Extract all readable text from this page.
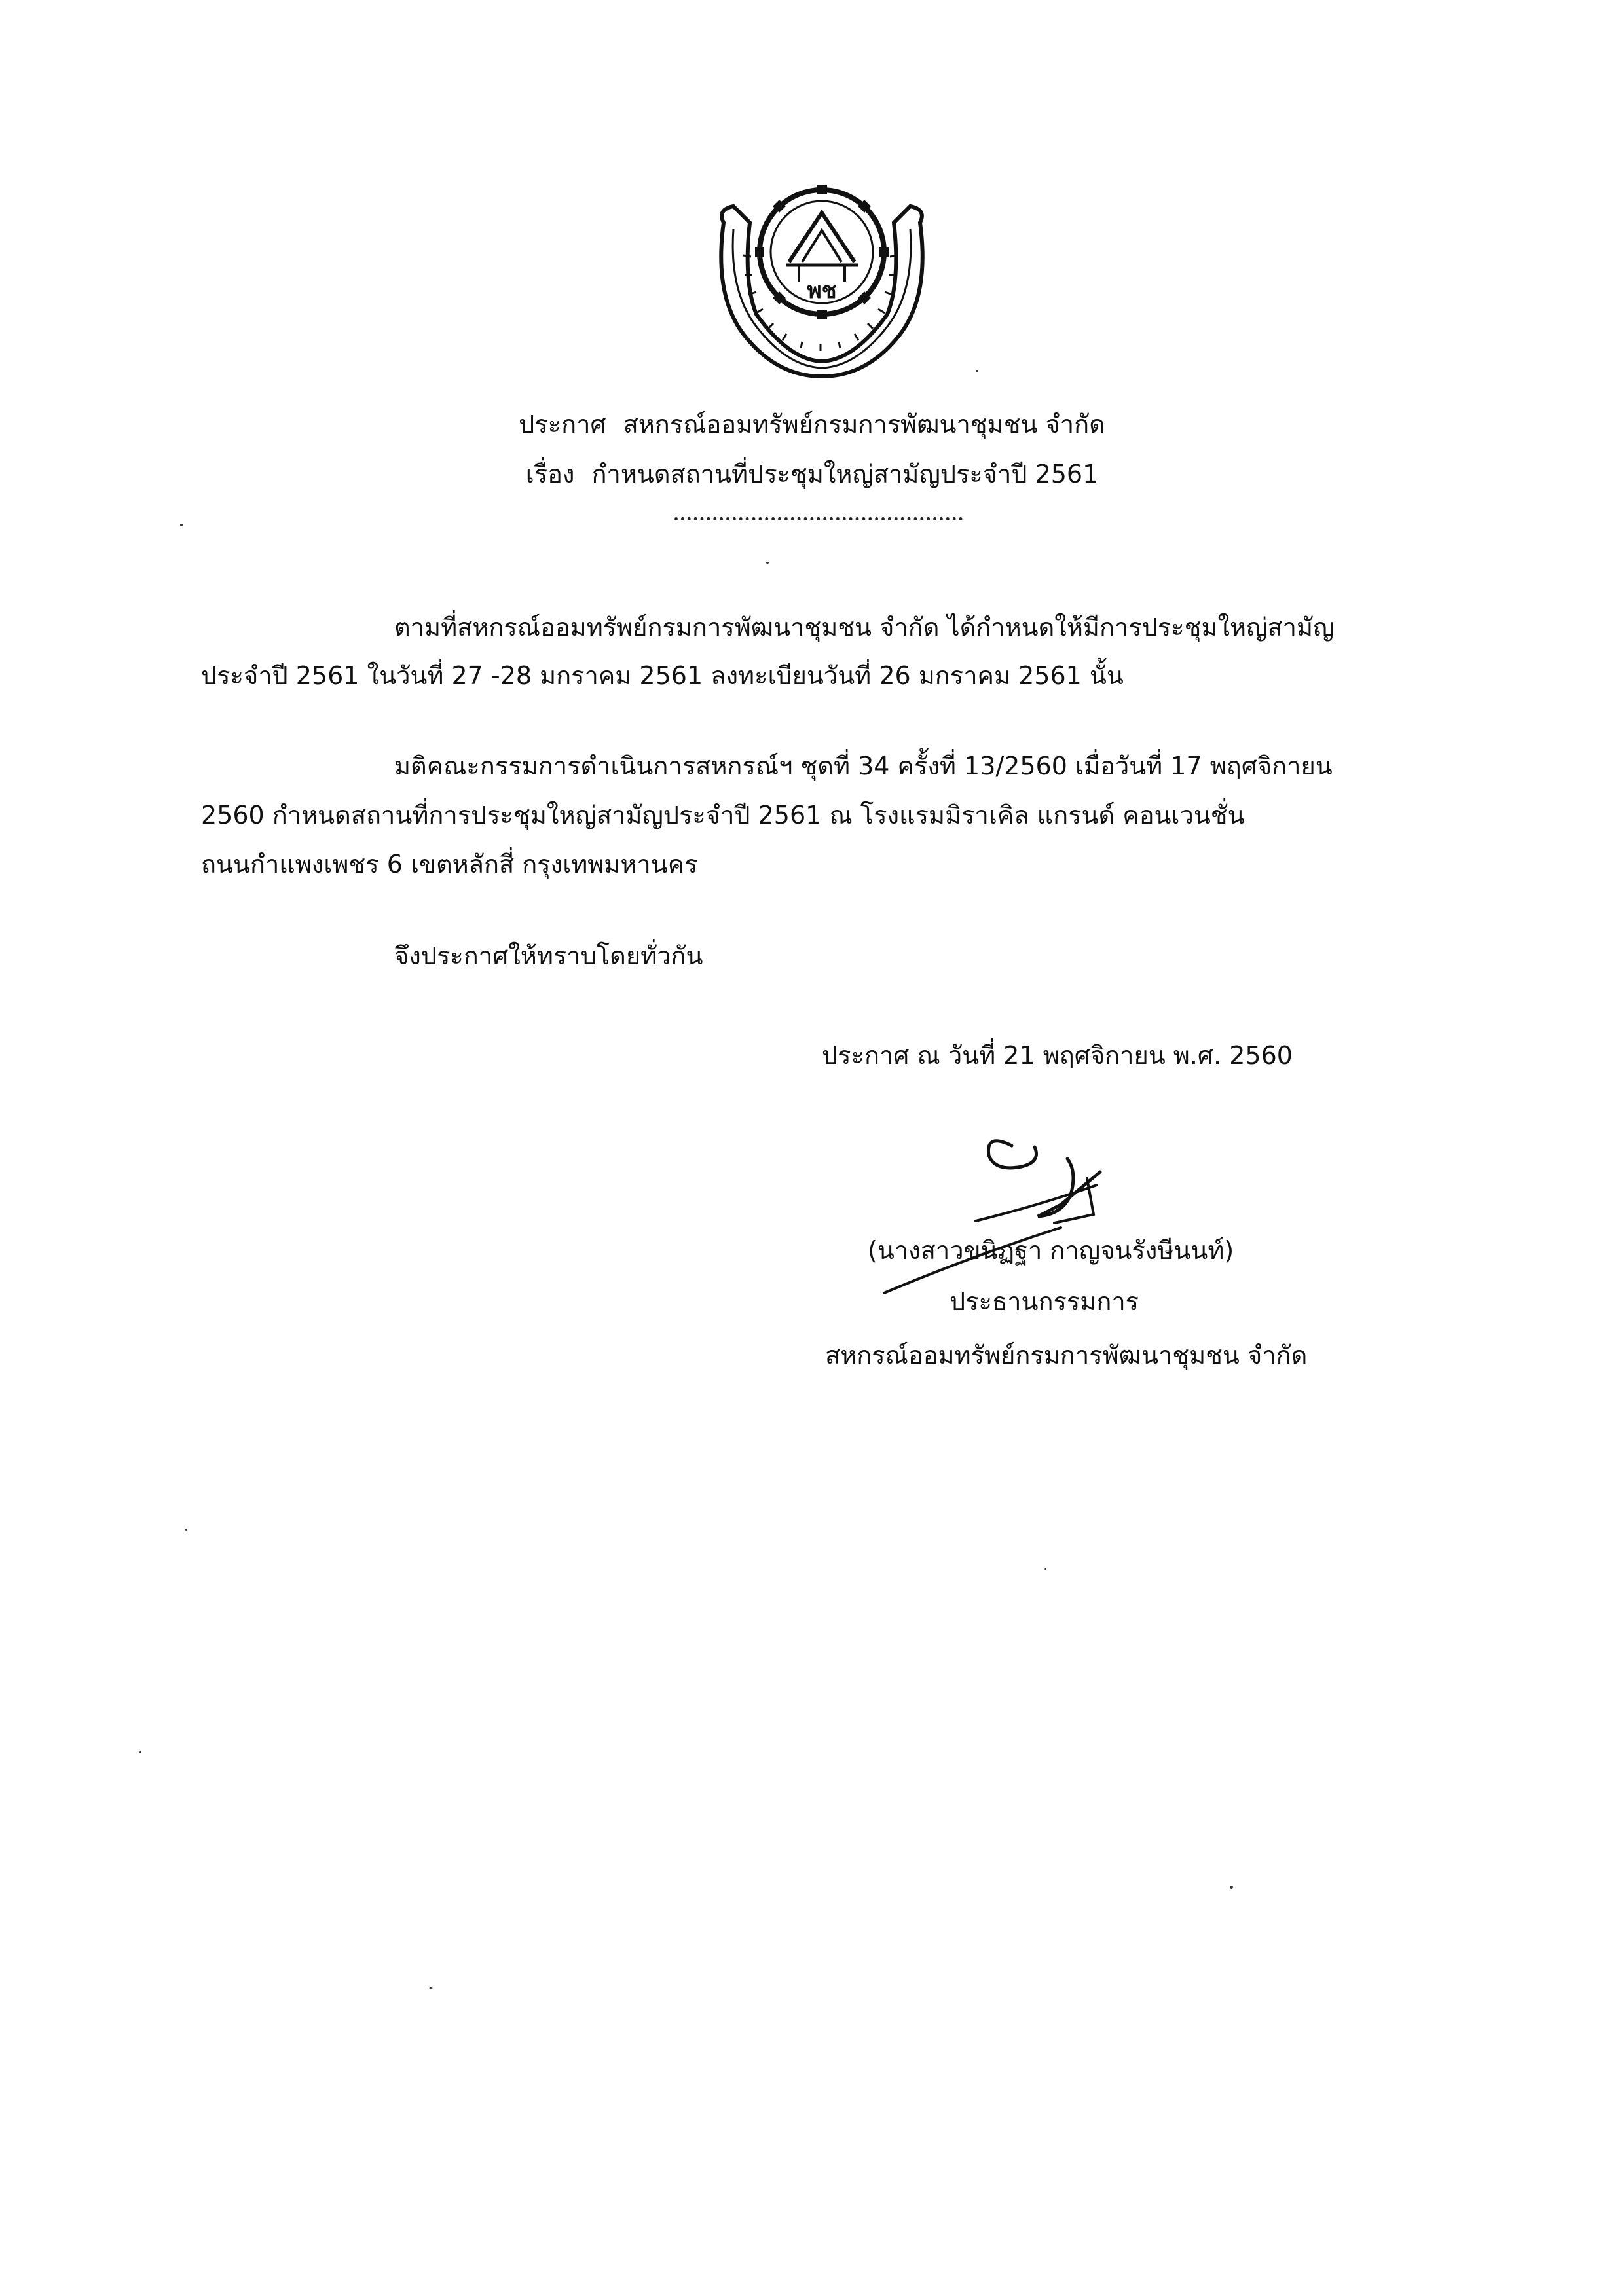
พช
ประกาศ สหกรณ์ออมทรัพย์กรมการพัฒนาชุมชน จำกัด
เรื่อง กำหนดสถานที่ประชุมใหญ่สามัญประจำปี 2561
ตามที่สหกรณ์ออมทรัพย์กรมการพัฒนาชุมชน จำกัด ได้กำหนดให้มีการประชุมใหญ่สามัญ
ประจำปี 2561 ในวันที่ 27 -28 มกราคม 2561 ลงทะเบียนวันที่ 26 มกราคม 2561 นั้น
มติคณะกรรมการดำเนินการสหกรณ์ฯ ชุดที่ 34 ครั้งที่ 13/2560 เมื่อวันที่ 17 พฤศจิกายน
2560 กำหนดสถานที่การประชุมใหญ่สามัญประจำปี 2561 ณ โรงแรมมิราเคิล แกรนด์ คอนเวนชั่น
ถนนกำแพงเพชร 6 เขตหลักสี่ กรุงเทพมหานคร
จึงประกาศให้ทราบโดยทั่วกัน
ประกาศ ณ วันที่ 21 พฤศจิกายน พ.ศ. 2560
(นางสาวขนิฏฐา กาญจนรังษีนนท์)
ประธานกรรมการ
สหกรณ์ออมทรัพย์กรมการพัฒนาชุมชน จำกัด
